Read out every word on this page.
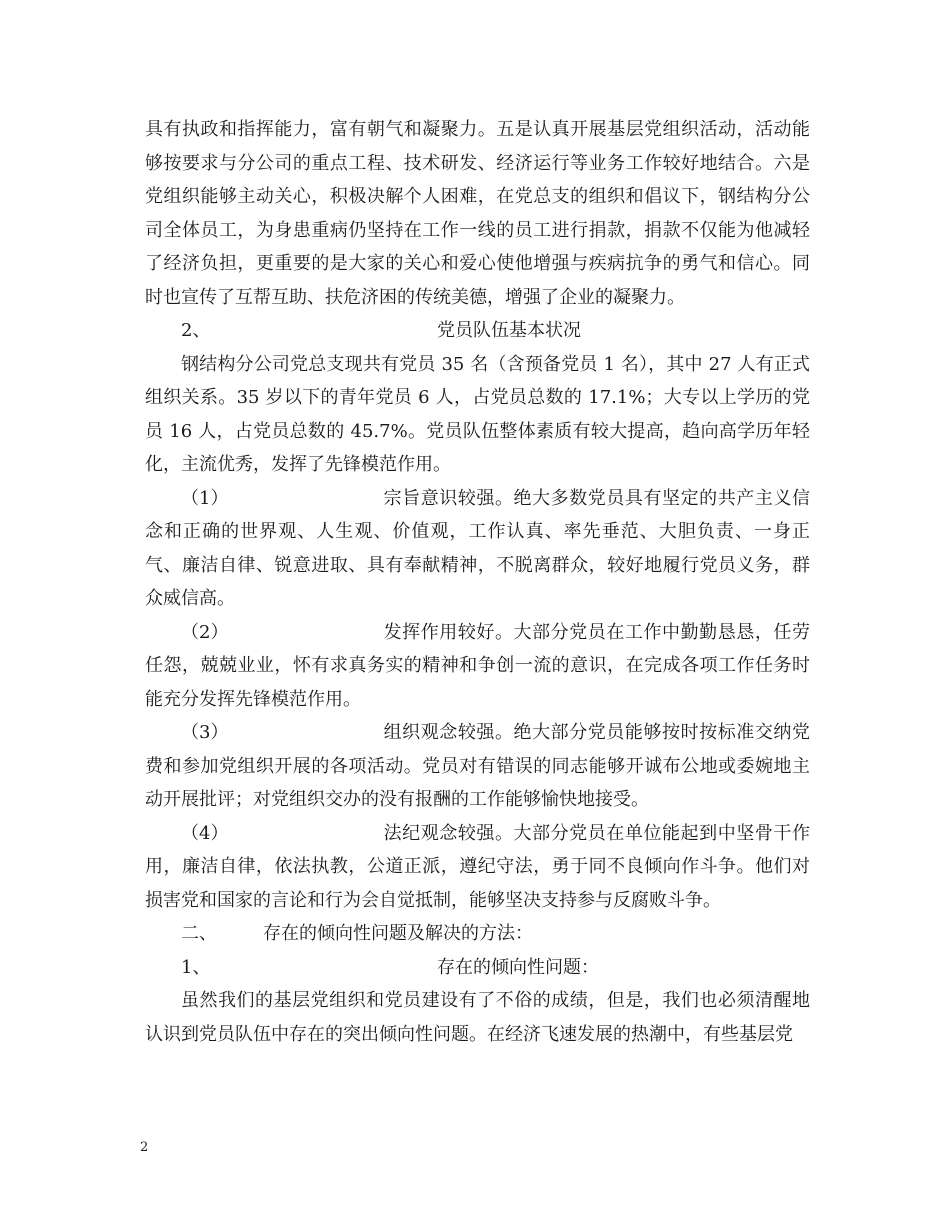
具有执政和指挥能力，富有朝气和凝聚力。五是认真开展基层党组织活动，活动能够按要求与分公司的重点工程、技术研发、经济运行等业务工作较好地结合。六是党组织能够主动关心，积极决解个人困难，在党总支的组织和倡议下，钢结构分公司全体员工，为身患重病仍坚持在工作一线的员工进行捐款，捐款不仅能为他减轻了经济负担，更重要的是大家的关心和爱心使他增强与疾病抗争的勇气和信心。同时也宣传了互帮互助、扶危济困的传统美德，增强了企业的凝聚力。

2、	党员队伍基本状况

钢结构分公司党总支现共有党员 35 名（含预备党员 1 名），其中 27 人有正式组织关系。35 岁以下的青年党员 6 人，占党员总数的 17.1%；大专以上学历的党员 16 人，占党员总数的 45.7%。党员队伍整体素质有较大提高，趋向高学历年轻化，主流优秀，发挥了先锋模范作用。

（1）	宗旨意识较强。绝大多数党员具有坚定的共产主义信念和正确的世界观、人生观、价值观，工作认真、率先垂范、大胆负责、一身正气、廉洁自律、锐意进取、具有奉献精神，不脱离群众，较好地履行党员义务，群众威信高。

（2）	发挥作用较好。大部分党员在工作中勤勤恳恳，任劳任怨，兢兢业业，怀有求真务实的精神和争创一流的意识，在完成各项工作任务时能充分发挥先锋模范作用。

（3）	组织观念较强。绝大部分党员能够按时按标准交纳党费和参加党组织开展的各项活动。党员对有错误的同志能够开诚布公地或委婉地主动开展批评；对党组织交办的没有报酬的工作能够愉快地接受。

（4）	法纪观念较强。大部分党员在单位能起到中坚骨干作用，廉洁自律，依法执教，公道正派，遵纪守法，勇于同不良倾向作斗争。他们对损害党和国家的言论和行为会自觉抵制，能够坚决支持参与反腐败斗争。

二、	存在的倾向性问题及解决的方法：
1、	存在的倾向性问题：

虽然我们的基层党组织和党员建设有了不俗的成绩，但是，我们也必须清醒地认识到党员队伍中存在的突出倾向性问题。在经济飞速发展的热潮中，有些基层党

2
